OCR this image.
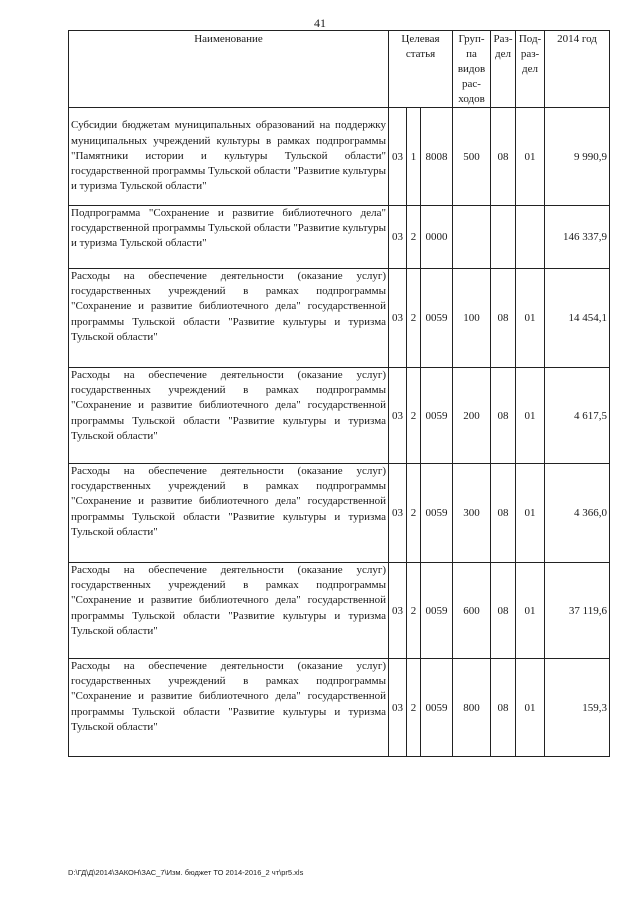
41
Наименование	Целевая статья			Груп-па видов рас-ходов	Раз-дел	Под-раз-дел	2014 год
Субсидии бюджетам муниципальных образований на поддержку муниципальных учреждений культуры в рамках подпрограммы "Памятники истории и культуры Тульской области" государственной программы Тульской области "Развитие культуры и туризма Тульской области"	03	1	8008	500	08	01	9 990,9
Подпрограмма "Сохранение и развитие библиотечного дела" государственной программы Тульской области "Развитие культуры и туризма Тульской области"	03	2	0000				146 337,9
Расходы на обеспечение деятельности (оказание услуг) государственных учреждений в рамках подпрограммы "Сохранение и развитие библиотечного дела" государственной программы Тульской области "Развитие культуры и туризма Тульской области"	03	2	0059	100	08	01	14 454,1
Расходы на обеспечение деятельности (оказание услуг) государственных учреждений в рамках подпрограммы "Сохранение и развитие библиотечного дела" государственной программы Тульской области "Развитие культуры и туризма Тульской области"	03	2	0059	200	08	01	4 617,5
Расходы на обеспечение деятельности (оказание услуг) государственных учреждений в рамках подпрограммы "Сохранение и развитие библиотечного дела" государственной программы Тульской области "Развитие культуры и туризма Тульской области"	03	2	0059	300	08	01	4 366,0
Расходы на обеспечение деятельности (оказание услуг) государственных учреждений в рамках подпрограммы "Сохранение и развитие библиотечного дела" государственной программы Тульской области "Развитие культуры и туризма Тульской области"	03	2	0059	600	08	01	37 119,6
Расходы на обеспечение деятельности (оказание услуг) государственных учреждений в рамках подпрограммы "Сохранение и развитие библиотечного дела" государственной программы Тульской области "Развитие культуры и туризма Тульской области"	03	2	0059	800	08	01	159,3
D:\ГД\Д\2014\ЗАКОН\ЗАС_7\Изм. бюджет ТО 2014-2016_2 чт\pr5.xls
